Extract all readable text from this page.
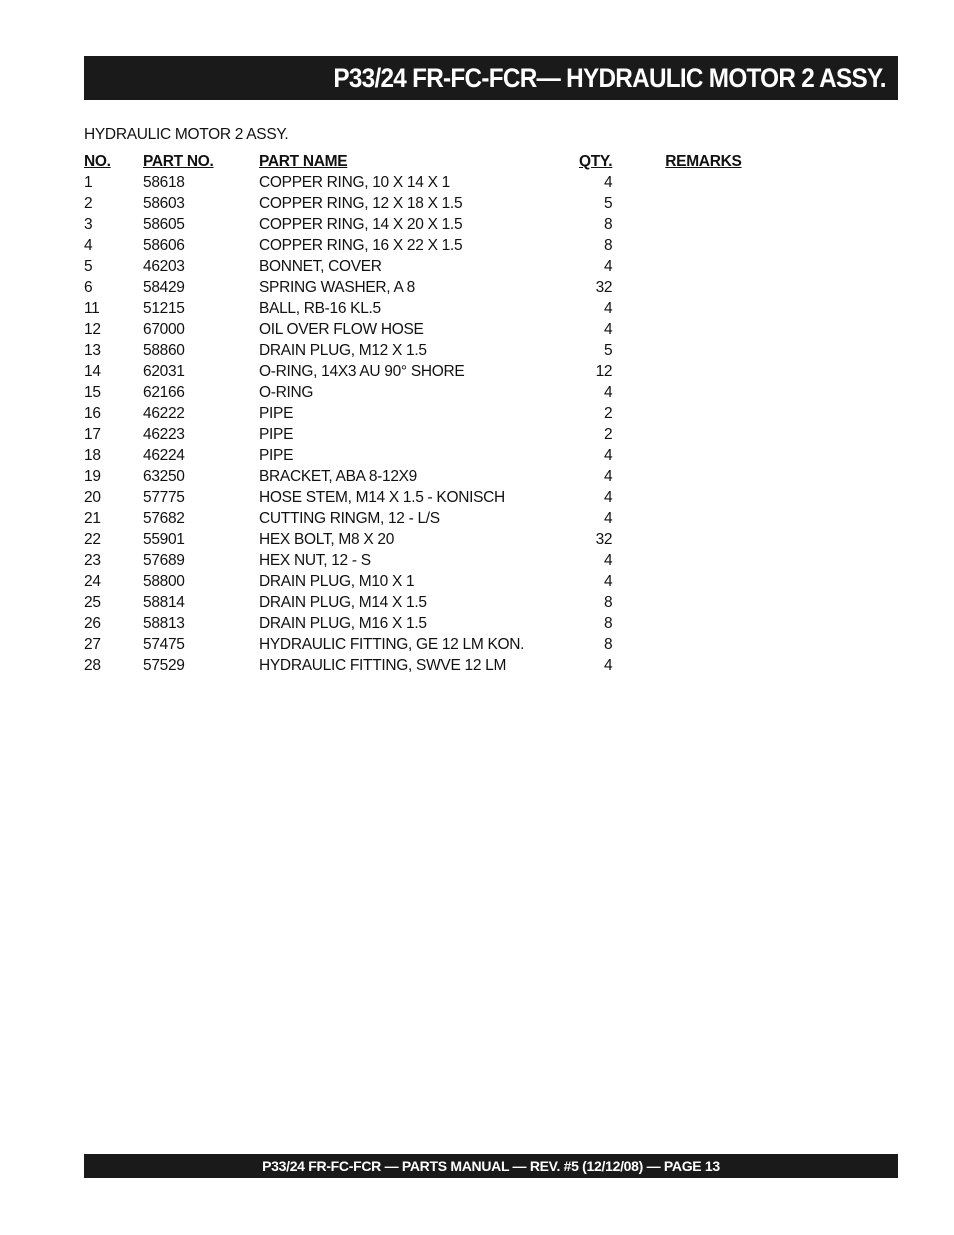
P33/24 FR-FC-FCR— HYDRAULIC MOTOR 2 ASSY.
HYDRAULIC MOTOR 2 ASSY.
NO.	PART NO.	PART NAME	QTY.		REMARKS
1	58618	COPPER RING, 10 X 14 X 1	4		
2	58603	COPPER RING, 12 X 18 X 1.5	5		
3	58605	COPPER RING, 14 X 20 X 1.5	8		
4	58606	COPPER RING, 16 X 22 X 1.5	8		
5	46203	BONNET, COVER	4		
6	58429	SPRING WASHER, A 8	32		
11	51215	BALL, RB-16 KL.5	4		
12	67000	OIL OVER FLOW HOSE	4		
13	58860	DRAIN PLUG, M12 X 1.5	5		
14	62031	O-RING, 14X3 AU 90° SHORE	12		
15	62166	O-RING	4		
16	46222	PIPE	2		
17	46223	PIPE	2		
18	46224	PIPE	4		
19	63250	BRACKET, ABA 8-12X9	4		
20	57775	HOSE STEM, M14 X 1.5 - KONISCH	4		
21	57682	CUTTING RINGM, 12 - L/S	4		
22	55901	HEX BOLT, M8 X 20	32		
23	57689	HEX NUT, 12 - S	4		
24	58800	DRAIN PLUG, M10 X 1	4		
25	58814	DRAIN PLUG, M14 X 1.5	8		
26	58813	DRAIN PLUG, M16 X 1.5	8		
27	57475	HYDRAULIC FITTING, GE 12 LM KON.	8		
28	57529	HYDRAULIC FITTING, SWVE 12 LM	4		
P33/24 FR-FC-FCR — PARTS MANUAL — REV. #5 (12/12/08) — PAGE 13
